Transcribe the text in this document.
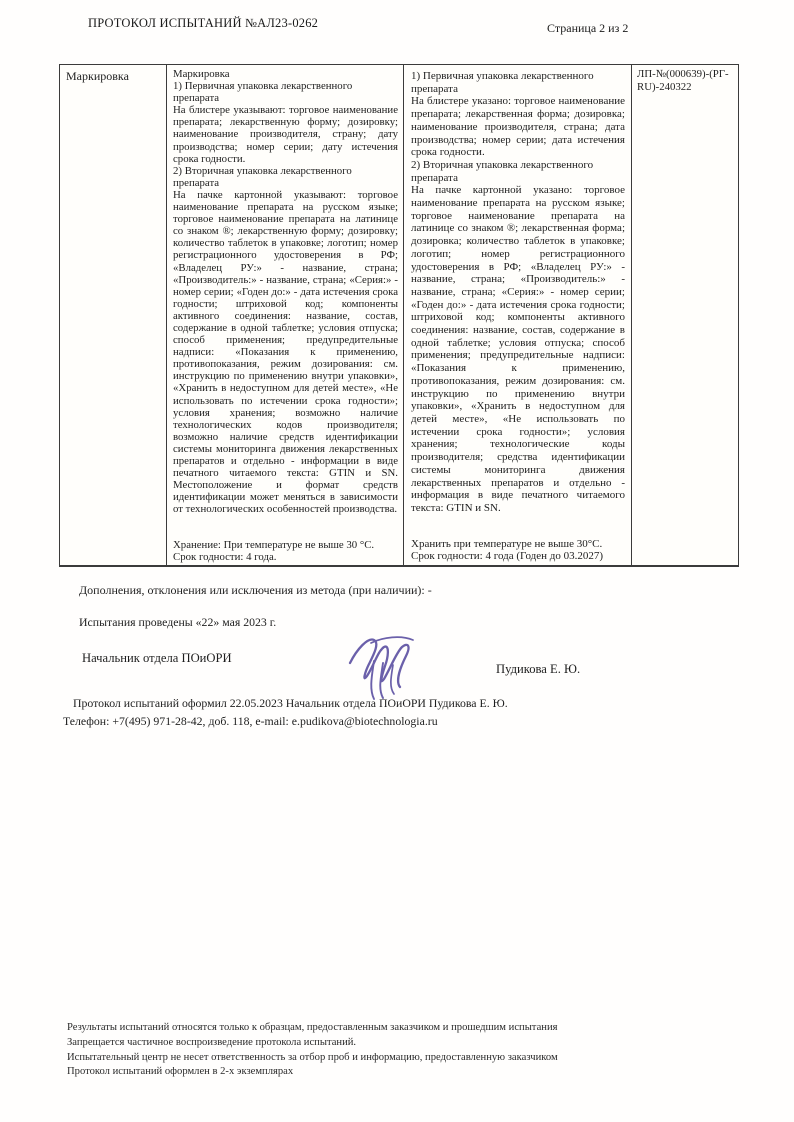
ПРОТОКОЛ ИСПЫТАНИЙ №АЛ23-0262	Страница 2 из 2

Маркировка	Маркировка

1) Первичная упаковка лекарственного препарата

На блистере указывают: торговое наименование препарата; лекарственную форму; дозировку; наименование производителя, страну; дату производства; номер серии; дату истечения срока годности.

2) Вторичная упаковка лекарственного препарата

На пачке картонной указывают: торговое наименование препарата на русском языке; торговое наименование препарата на латинице со знаком ®; лекарственную форму; дозировку; количество таблеток в упаковке; логотип; номер регистрационного удостоверения в РФ; «Владелец РУ:» - название, страна; «Производитель:» - название, страна; «Серия:» - номер серии; «Годен до:» - дата истечения срока годности; штриховой код; компоненты активного соединения: название, состав, содержание в одной таблетке; условия отпуска; способ применения; предупредительные надписи: «Показания к применению, противопоказания, режим дозирования: см. инструкцию по применению внутри упаковки», «Хранить в недоступном для детей месте», «Не использовать по истечении срока годности»; условия хранения; возможно наличие технологических кодов производителя; возможно наличие средств идентификации системы мониторинга движения лекарственных препаратов и отдельно - информации в виде печатного читаемого текста: GTIN и SN. Местоположение и формат средств идентификации может меняться в зависимости от технологических особенностей производства.

Хранение: При температуре не выше 30 °C.

Срок годности: 4 года.

1) Первичная упаковка лекарственного препарата

На блистере указано: торговое наименование препарата; лекарственная форма; дозировка; наименование производителя, страна; дата производства; номер серии; дата истечения срока годности.

2) Вторичная упаковка лекарственного препарата

На пачке картонной указано: торговое наименование препарата на русском языке; торговое наименование препарата на латинице со знаком ®; лекарственная форма; дозировка; количество таблеток в упаковке; логотип; номер регистрационного удостоверения в РФ; «Владелец РУ:» - название, страна; «Производитель:» - название, страна; «Серия:» - номер серии; «Годен до:» - дата истечения срока годности; штриховой код; компоненты активного соединения: название, состав, содержание в одной таблетке; условия отпуска; способ применения; предупредительные надписи: «Показания к применению, противопоказания, режим дозирования: см. инструкцию по применению внутри упаковки», «Хранить в недоступном для детей месте», «Не использовать по истечении срока годности»; условия хранения; технологические коды производителя; средства идентификации системы мониторинга движения лекарственных препаратов и отдельно - информация в виде печатного читаемого текста: GTIN и SN.

Хранить при температуре не выше 30°С.

Срок годности: 4 года (Годен до 03.2027)

ЛП-№(000639)-(РГ-RU)-240322

Дополнения, отклонения или исключения из метода (при наличии): -
Испытания проведены «22» мая 2023 г.
Начальник отдела ПОиОРИ
Пудикова Е. Ю.
Протокол испытаний оформил 22.05.2023 Начальник отдела ПОиОРИ Пудикова Е. Ю.
Телефон: +7(495) 971-28-42, доб. 118, e-mail: e.pudikova@biotechnologia.ru
Результаты испытаний относятся только к образцам, предоставленным заказчиком и прошедшим испытания
Запрещается частичное воспроизведение протокола испытаний.
Испытательный центр не несет ответственность за отбор проб и информацию, предоставленную заказчиком
Протокол испытаний оформлен в 2-х экземплярах
